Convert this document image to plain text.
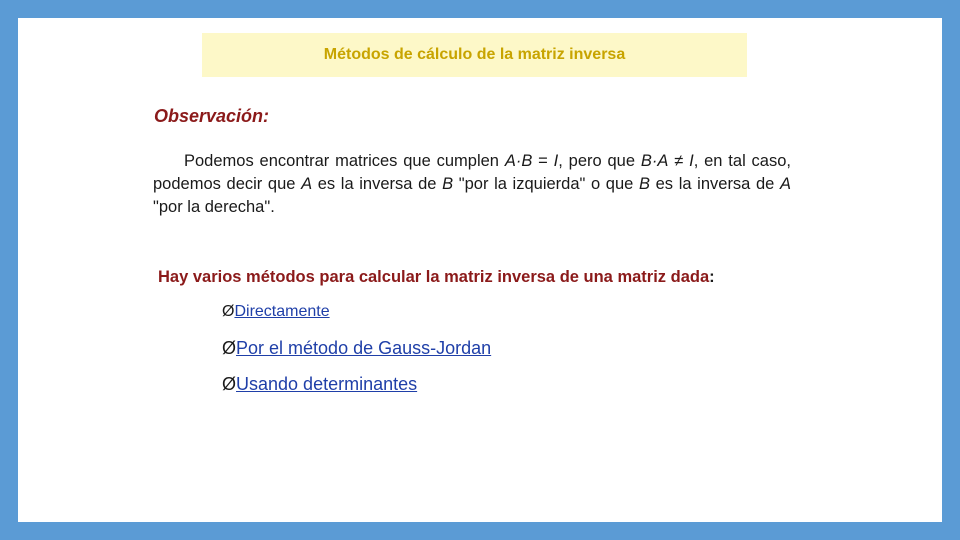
Métodos de cálculo de la matriz inversa
Observación:
Podemos encontrar matrices que cumplen A·B = I, pero que B·A ≠ I, en tal caso, podemos decir que A es la inversa de B "por la izquierda" o que B es la inversa de A "por la derecha".
Hay varios métodos para calcular la matriz inversa de una matriz dada:
ØDirectamente
ØPor el método de Gauss-Jordan
ØUsando determinantes
